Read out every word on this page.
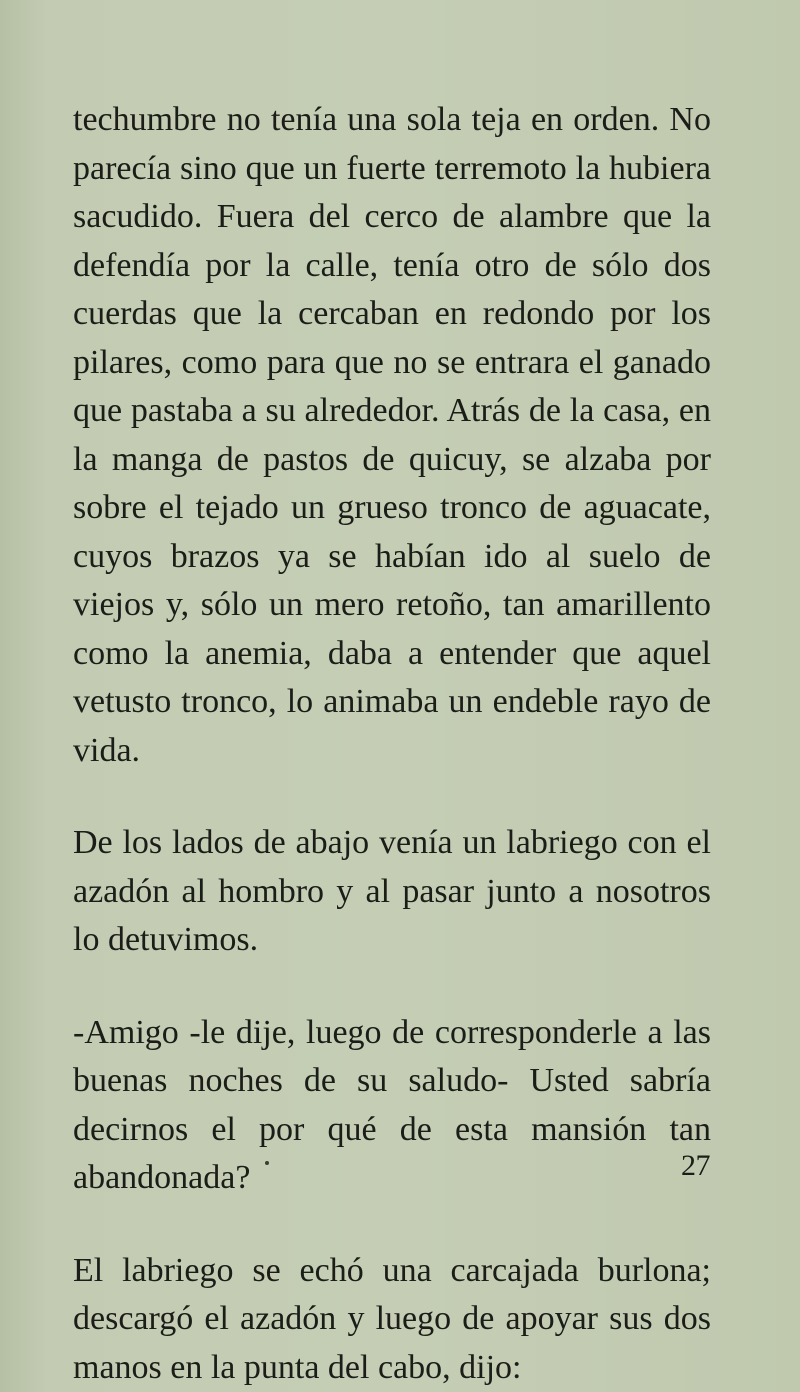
techumbre no tenía una sola teja en orden. No parecía sino que un fuerte terremoto la hubiera sacudido. Fuera del cerco de alambre que la defendía por la calle, tenía otro de sólo dos cuerdas que la cercaban en redondo por los pilares, como para que no se entrara el ganado que pastaba a su alrededor. Atrás de la casa, en la manga de pastos de quicuy, se alzaba por sobre el tejado un grueso tronco de aguacate, cuyos brazos ya se habían ido al suelo de viejos y, sólo un mero retoño, tan amarillento como la anemia, daba a entender que aquel vetusto tronco, lo animaba un endeble rayo de vida.

De los lados de abajo venía un labriego con el azadón al hombro y al pasar junto a nosotros lo detuvimos.

-Amigo -le dije, luego de corresponderle a las buenas noches de su saludo- Usted sabría decirnos el por qué de esta mansión tan abandonada?

El labriego se echó una carcajada burlona; descargó el azadón y luego de apoyar sus dos manos en la punta del cabo, dijo:

27
